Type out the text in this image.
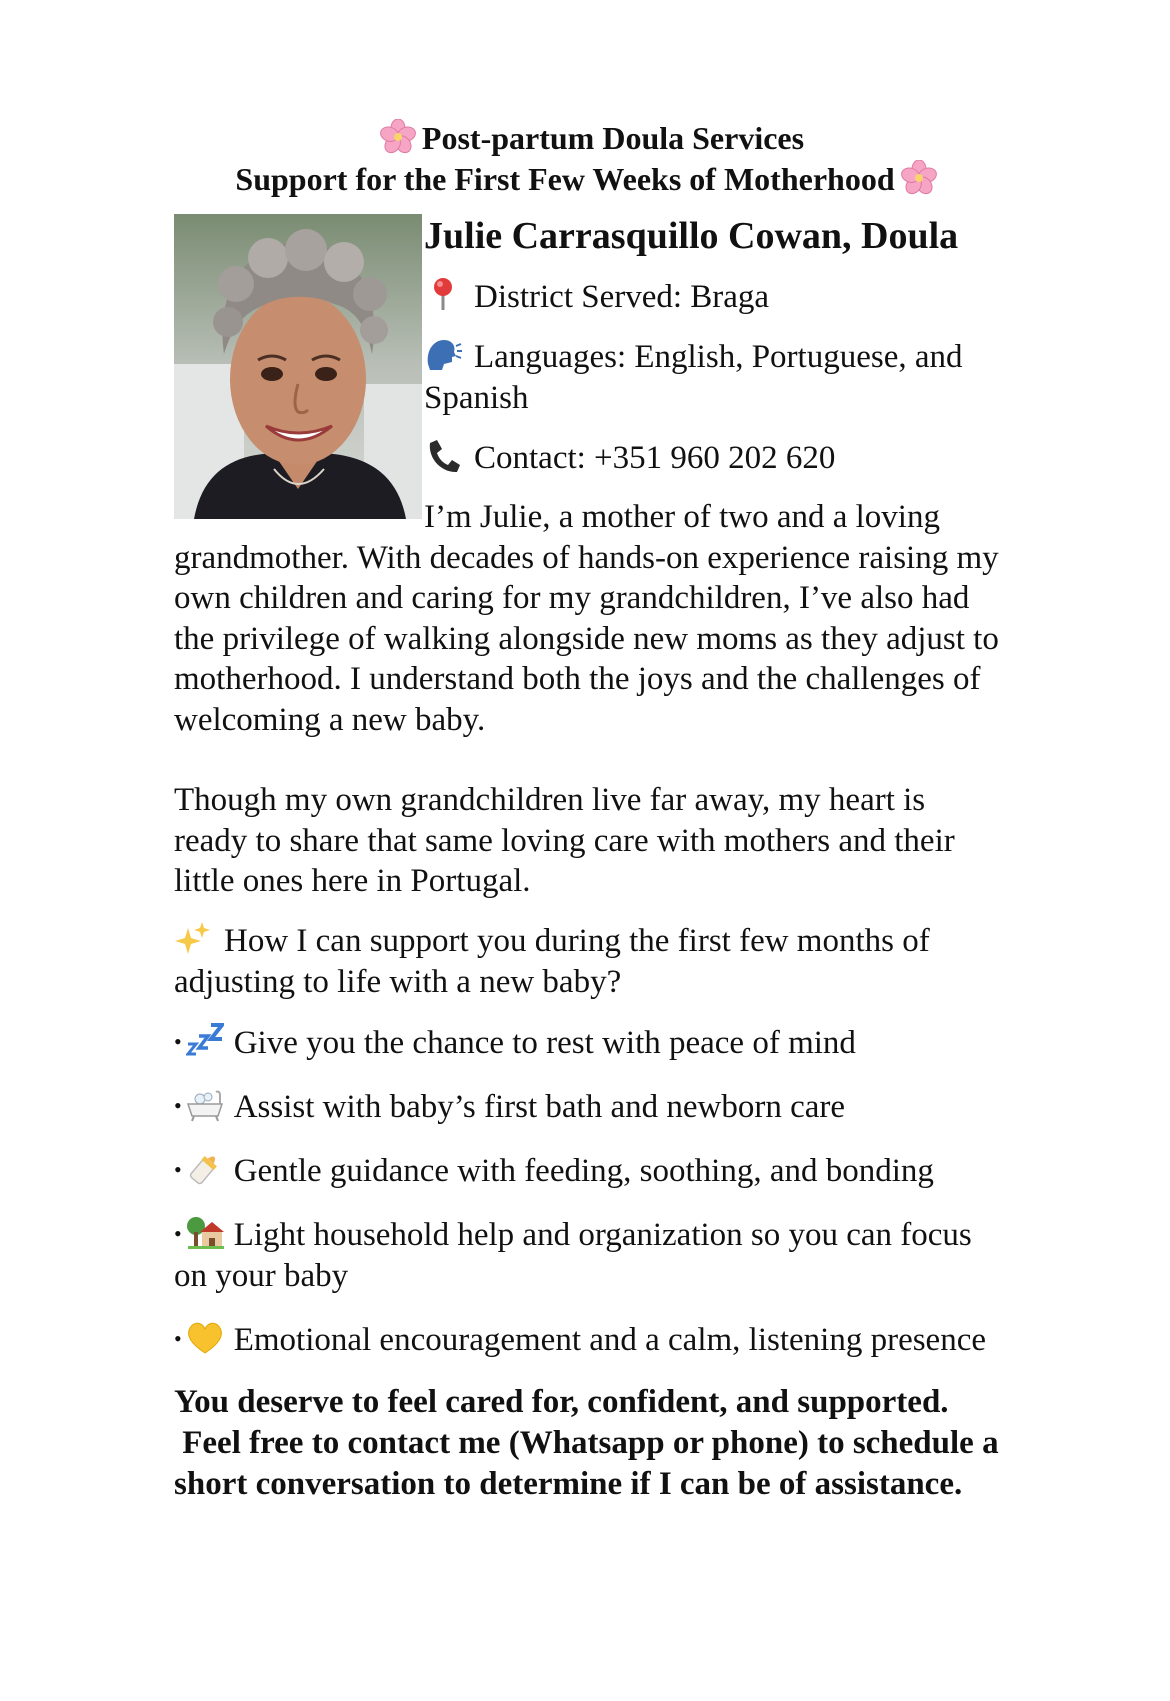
Post-partum Doula Services
Support for the First Few Weeks of Motherhood
Julie Carrasquillo Cowan, Doula
District Served: Braga
Languages: English, Portuguese, and Spanish
Contact: +351 960 202 620
I’m Julie, a mother of two and a loving grandmother. With decades of hands-on experience raising my own children and caring for my grandchildren, I’ve also had the privilege of walking alongside new moms as they adjust to motherhood. I understand both the joys and the challenges of welcoming a new baby.
Though my own grandchildren live far away, my heart is ready to share that same loving care with mothers and their little ones here in Portugal.
How I can support you during the first few months of adjusting to life with a new baby?
• Give you the chance to rest with peace of mind
• Assist with baby’s first bath and newborn care
• Gentle guidance with feeding, soothing, and bonding
• Light household help and organization so you can focus on your baby
• Emotional encouragement and a calm, listening presence
You deserve to feel cared for, confident, and supported.
Feel free to contact me (Whatsapp or phone) to schedule a short conversation to determine if I can be of assistance.
